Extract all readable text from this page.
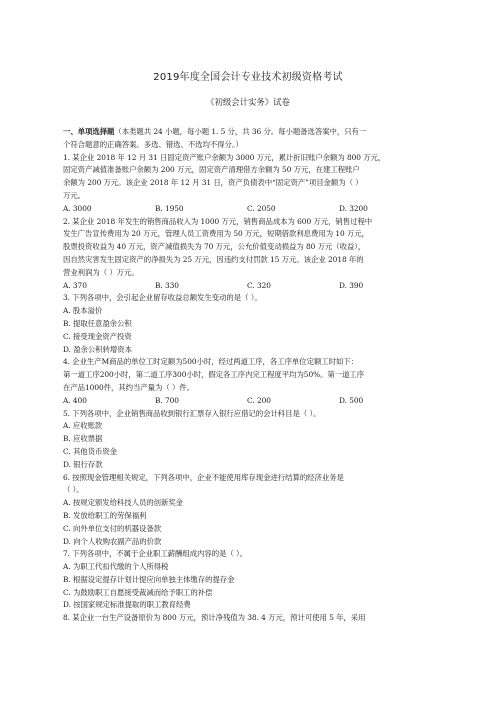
2019年度全国会计专业技术初级资格考试
《初级会计实务》试卷
一、单项选择题（本类题共 24 小题，每小题 1. 5 分，共 36 分。每小题备选答案中，只有一
个符合题意的正确答案。多选、错选、不选均不得分。）
1. 某企业 2018 年 12 月 31 日固定资产账户余额为 3000 万元，累计折旧账户余额为 800 万元，
固定资产减值准备账户余额为 200 万元，固定资产清理借方余额为 50 万元，在建工程账户
余额为 200 万元。该企业 2018 年 12 月 31 日，资产负债表中“固定资产”项目金额为（ ）
万元。
A. 3000	B. 1950	C. 2050	D. 3200
2. 某企业 2018 年发生的销售商品收入为 1000 万元，销售商品成本为 600 万元，销售过程中
发生广告宣传费用为 20 万元，管理人员工资费用为 50 万元，短期借款利息费用为 10 万元，
股票投资收益为 40 万元，资产减值损失为 70 万元，公允价值变动损益为 80 万元（收益），
因自然灾害发生固定资产的净损失为 25 万元，因违约支付罚款 15 万元。该企业 2018 年的
营业利润为（ ）万元。
A. 370	B. 330	C. 320	D. 390
3. 下列各项中，会引起企业留存收益总额发生变动的是（ ）。
A. 股本溢价
B. 提取任意盈余公积
C. 接受现金资产投资
D. 盈余公积转增资本
4. 企业生产M商品的单位工时定额为500小时，经过两道工序，各工序单位定额工时如下：
第一道工序200小时，第二道工序300小时，假定各工序内完工程度平均为50%。第一道工序
在产品1000件，其约当产量为（ ）件。
A. 400	B. 700	C. 200	D. 500
5. 下列各项中，企业销售商品收到银行汇票存入银行应借记的会计科目是（ ）。
A. 应收账款
B. 应收票据
C. 其他货币资金
D. 银行存款
6. 按照现金管理相关规定，下列各项中，企业不能使用库存现金进行结算的经济业务是
（ ）。
A. 按规定颁发给科技人员的创新奖金
B. 发放给职工的劳保福利
C. 向外单位支付的机器设备款
D. 向个人收购农副产品的价款
7. 下列各项中，不属于企业职工薪酬组成内容的是（ ）。
A. 为职工代扣代缴的个人所得税
B. 根据设定提存计划计提应向单独主体缴存的提存金
C. 为鼓励职工自愿接受裁减而给予职工的补偿
D. 按国家规定标准提取的职工教育经费
8. 某企业一台生产设备原价为 800 万元，预计净残值为 38. 4 万元，预计可使用 5 年，采用
